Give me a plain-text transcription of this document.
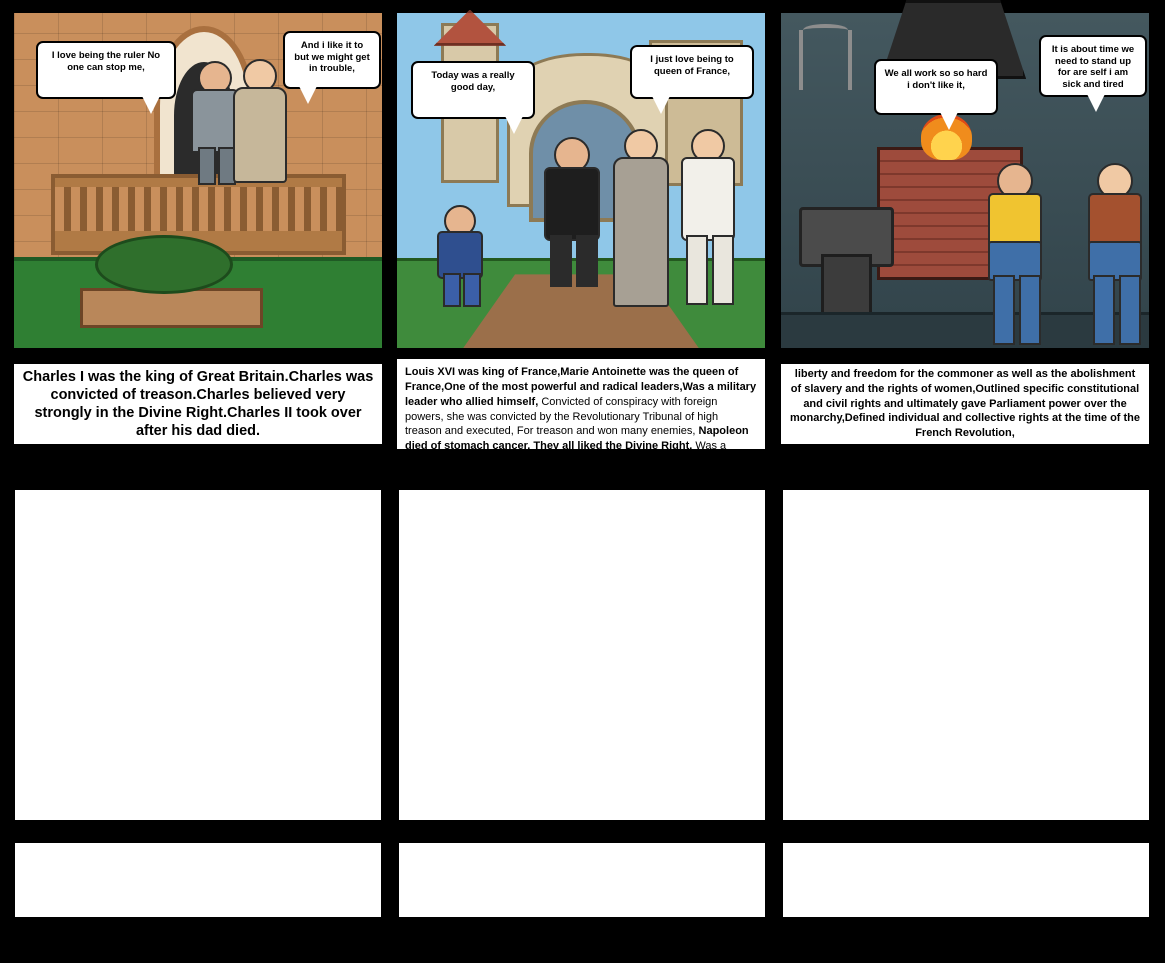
I love being the ruler No one can stop me,
And i like it to but we might get in trouble,
Today was a really good day,
I just love being to queen of France,	We all work so so hard i don't like it,
It is about time we need to stand up for are self i am sick and tired

Charles I was the king of Great Britain.Charles was convicted of treason.Charles believed very strongly in the Divine Right.Charles II took over after his dad died.

Louis XVI was king of France,Marie Antoinette was the queen of France,One of the most powerful and radical leaders,Was a military leader who allied himself, Convicted of conspiracy with foreign powers, she was convicted by the Revolutionary Tribunal of high treason and executed, For treason and won many enemies, Napoleon died of stomach cancer, They all liked the Divine Right, Was a period of state-sanctioned violence and mass executions during the French Revolution, He crowned himself emperor in 1804,

liberty and freedom for the commoner as well as the abolishment of slavery and the rights of women,Outlined specific constitutional and civil rights and ultimately gave Parliament power over the monarchy,Defined individual and collective rights at the time of the French Revolution,
